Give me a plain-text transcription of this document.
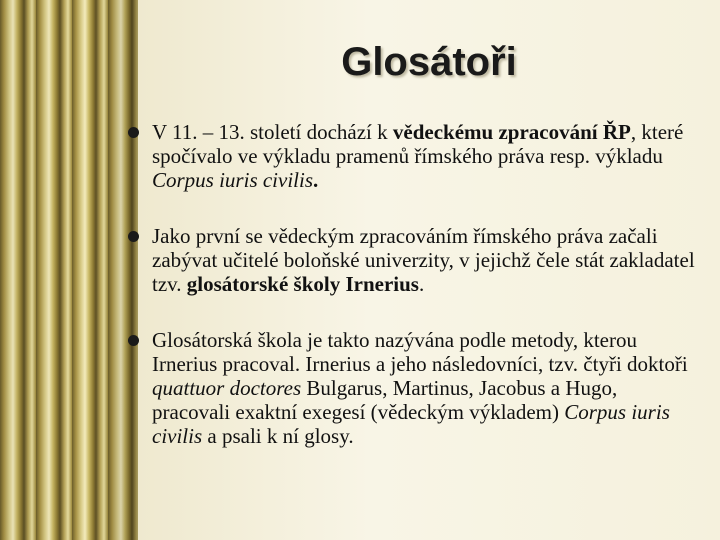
Glosátoři
V 11. – 13. století dochází k vědeckému zpracování ŘP, které spočívalo ve výkladu pramenů římského práva resp. výkladu Corpus iuris civilis.
Jako první se vědeckým zpracováním římského práva začali zabývat učitelé boloňské univerzity, v jejichž čele stát zakladatel tzv. glosátorské školy Irnerius.
Glosátorská škola je takto nazývána podle metody, kterou Irnerius pracoval. Irnerius a jeho následovníci, tzv. čtyři doktoři quattuor doctores Bulgarus, Martinus, Jacobus a Hugo, pracovali exaktní exegesí (vědeckým výkladem) Corpus iuris civilis a psali k ní glosy.
